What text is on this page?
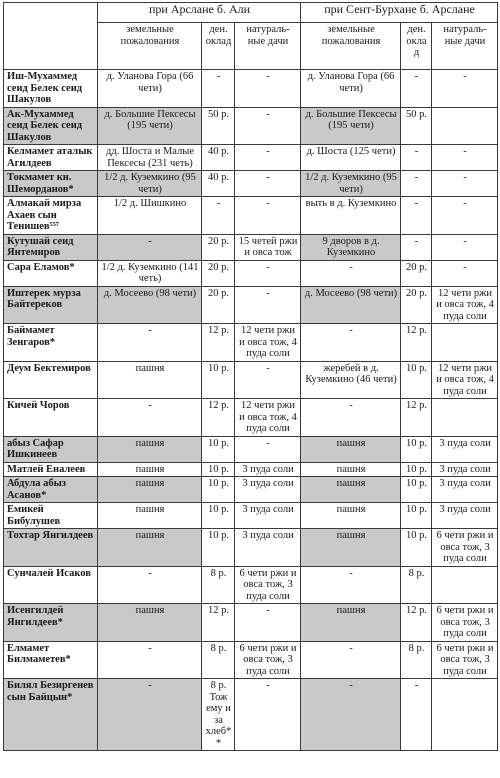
	при Арслане б. Али			при Сент-Бурхане б. Арслане		
	земельные пожалования	ден. оклад	натураль-ные дачи	земельные пожалования	ден. оклад	натураль-ные дачи
Иш-Мухаммед сеид Белек сеид Шакулов	д. Уланова Гора (66 чети)	-	-	д. Уланова Гора (66 чети)	-	-
Ак-Мухаммед сеид Белек сеид Шакулов	д. Большие Пексеcы (195 чети)	50 р.	-	д. Большие Пексеcы (195 чети)	50 р.	
Келмамет аталык Агилдеев	дд. Шоста и Малые Пексеcы (231 четь)	40 р.	-	д. Шоста (125 чети)	-	-
Токмамет кн. Шеморданов*	1/2 д. Куземкино (95 чети)	40 р.	-	1/2 д. Куземкино (95 чети)	-	-
Алмакай мирза Ахаев сын Тенишев⁵⁵⁷	1/2 д. Шишкино	-	-	выть в д. Куземкино	-	-
Кутушай сеид Янтемиров	-	20 р.	15 четей ржи и овса тож	9 дворов в д. Куземкино	-	-
Сара Еламов*	1/2 д. Куземкино (141 четь)	20 р.	-	-	20 р.	-
Иштерек мурза Байтереков	д. Мосеево (98 чети)	20 р.	-	д. Мосеево (98 чети)	20 р.	12 чети ржи и овса тож, 4 пуда соли
Баймамет Зенгаров*	-	12 р.	12 чети ржи и овса тож, 4 пуда соли	-	12 р.	
Деум Бектемиров	пашня	10 р.	-	жеребей в д. Куземкино (46 чети)	10 р.	12 чети ржи и овса тож, 4 пуда соли
Кичей Чоров	-	12 р.	12 чети ржи и овса тож, 4 пуда соли	-	12 р.	
абыз Сафар Ишкинеев	пашня	10 р.	-	пашня	10 р.	3 пуда соли
Матлей Еналеев	пашня	10 р.	3 пуда соли	пашня	10 р.	3 пуда соли
Абдула абыз Асанов*	пашня	10 р.	3 пуда соли	пашня	10 р.	3 пуда соли
Емикей Бибулушев	пашня	10 р.	3 пуда соли	пашня	10 р.	3 пуда соли
Тохтар Янгилдеев	пашня	10 р.	3 пуда соли	пашня	10 р.	6 чети ржи и овса тож, 3 пуда соли
Сунчалей Исаков	-	8 р.	6 чети ржи и овса тож, 3 пуда соли	-	8 р.	
Исенгилдей Янгилдеев*	пашня	12 р.	-	пашня	12 р.	6 чети ржи и овса тож, 3 пуда соли
Елмамет Билмаметев*	-	8 р.	6 чети ржи и овса тож, 3 пуда соли	-	8 р.	6 чети ржи и овса тож, 3 пуда соли
Билял Безиргенев сын Байцын*	-	8 р. Тож ему и за хлеб**	-	-	-	
